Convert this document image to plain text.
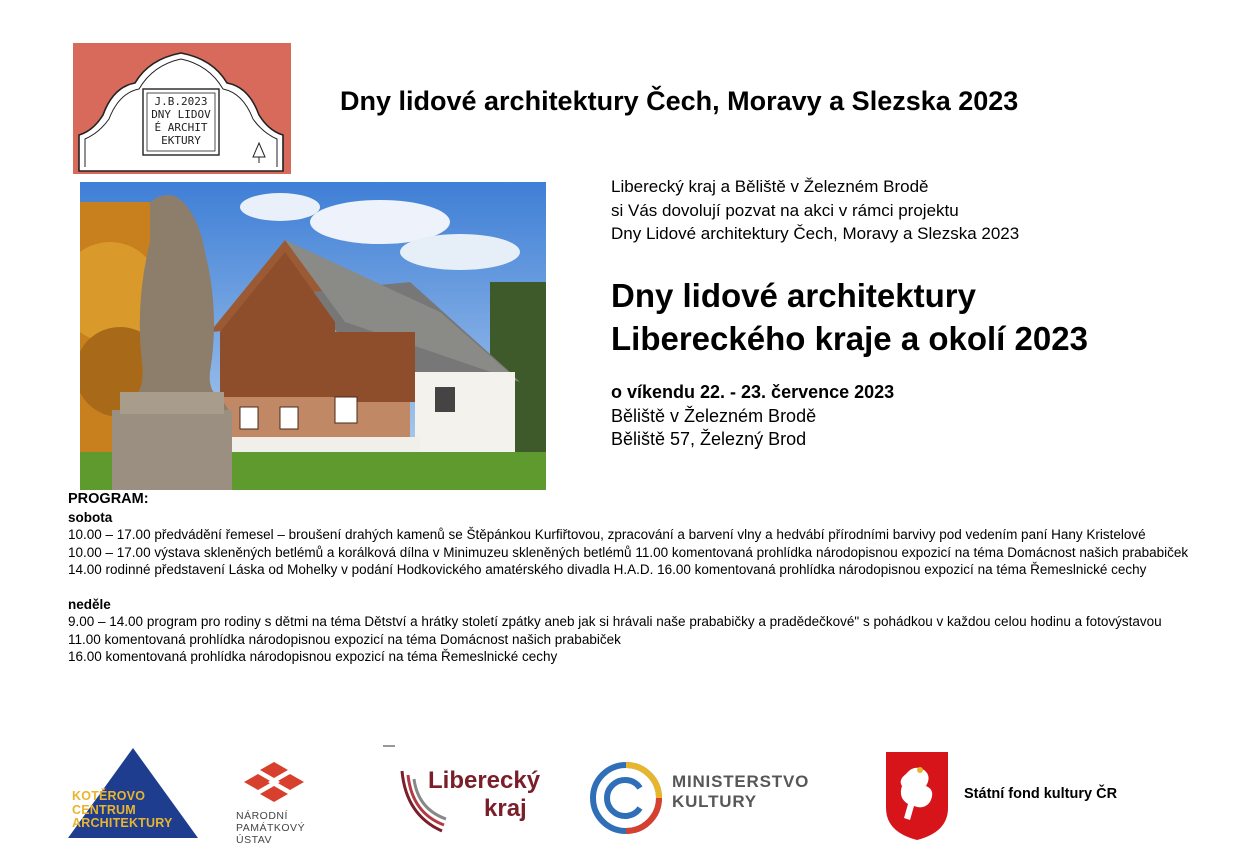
J.B.2023
DNY LIDOV
É ARCHIT
EKTURY
Dny lidové architektury Čech, Moravy a Slezska 2023
Liberecký kraj a Běliště v Železném Brodě
si Vás dovolují pozvat na akci v rámci projektu
Dny Lidové architektury Čech, Moravy a Slezska 2023
Dny lidové architektury
Libereckého kraje a okolí 2023
o víkendu 22. - 23. července 2023
Běliště v Železném Brodě
Běliště 57, Železný Brod

PROGRAM:

sobota

10.00 – 17.00 předvádění řemesel – broušení drahých kamenů se Štěpánkou Kurfiřtovou, zpracování a barvení vlny a hedvábí přírodními barvivy pod vedením paní Hany Kristelové

10.00 – 17.00 výstava skleněných betlémů a korálková dílna v Minimuzeu skleněných betlémů 11.00 komentovaná prohlídka národopisnou expozicí na téma Domácnost našich prababiček

14.00 rodinné představení Láska od Mohelky v podání Hodkovického amatérského divadla H.A.D. 16.00 komentovaná prohlídka národopisnou expozicí na téma Řemeslnické cechy

neděle

9.00 – 14.00 program pro rodiny s dětmi na téma Dětství a hrátky století zpátky aneb jak si hrávali naše prababičky a pradědečkové" s pohádkou v každou celou hodinu a fotovýstavou

11.00 komentovaná prohlídka národopisnou expozicí na téma Domácnost našich prababiček

16.00 komentovaná prohlídka národopisnou expozicí na téma Řemeslnické cechy

KOTĚROVO
CENTRUM
ARCHITEKTURY	NÁRODNÍ
PAMÁTKOVÝ
ÚSTAV
Liberecký
kraj
MINISTERSTVO
KULTURY	Státní fond kultury ČR
